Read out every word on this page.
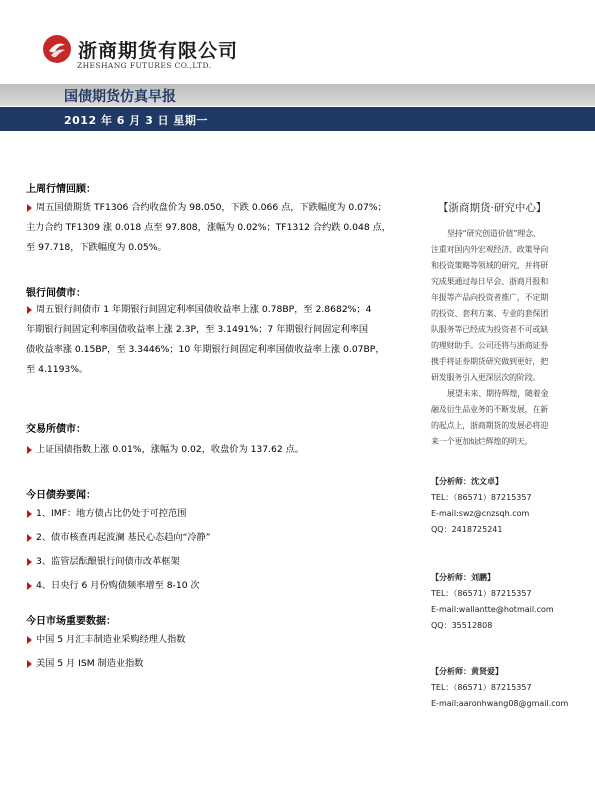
浙商期货有限公司
ZHESHANG FUTURES CO.,LTD.
国债期货仿真早报
2012 年 6 月 3 日 星期一
上周行情回顾：
周五国债期货 TF1306 合约收盘价为 98.050，下跌 0.066 点，下跌幅度为 0.07%；
主力合约 TF1309 涨 0.018 点至 97.808，涨幅为 0.02%；TF1312 合约跌 0.048 点，
至 97.718，下跌幅度为 0.05%。
银行间债市：
周五银行间债市 1 年期银行间固定利率国债收益率上涨 0.78BP，至 2.8682%；4
年期银行间固定利率国债收益率上涨 2.3P，至 3.1491%；7 年期银行间固定利率国
债收益率涨 0.15BP，至 3.3446%；10 年期银行间固定利率国债收益率上涨 0.07BP，
至 4.1193%。
交易所债市：
上证国债指数上涨 0.01%，涨幅为 0.02，收盘价为 137.62 点。
今日债券要闻：
1、IMF：地方债占比仍处于可控范围
2、债市核查再起波澜 基民心态趋向“冷静”
3、监管层酝酿银行间债市改革框架
4、日央行 6 月份购债频率增至 8-10 次
今日市场重要数据：
中国 5 月汇丰制造业采购经理人指数
美国 5 月 ISM 制造业指数
【浙商期货·研究中心】

坚持“研究创造价值”理念，

注重对国内外宏观经济、政策导向

和投资策略等领域的研究，并将研

究成果通过每日早会、浙商月报和

年报等产品向投资者推广，不定期

的投资、套利方案、专业的套保团

队服务等已经成为投资者不可或缺

的理财助手。公司还将与浙商证券

携手将证券期货研究做到更好，把

研发服务引入更深层次的阶段。

展望未来、期待辉煌，随着金

融及衍生品业务的不断发展，在新

的起点上，浙商期货的发展必将迎

来一个更加灿烂辉煌的明天。

【分析师：沈文卓】
TEL：（86571）87215357
E-mail:swz@cnzsqh.com
QQ：2418725241
【分析师：刘鹏】
TEL：（86571）87215357
E-mail:wallantte@hotmail.com
QQ：35512808
【分析师：黄贤爱】
TEL：（86571）87215357
E-mail:aaronhwang08@gmail.com
